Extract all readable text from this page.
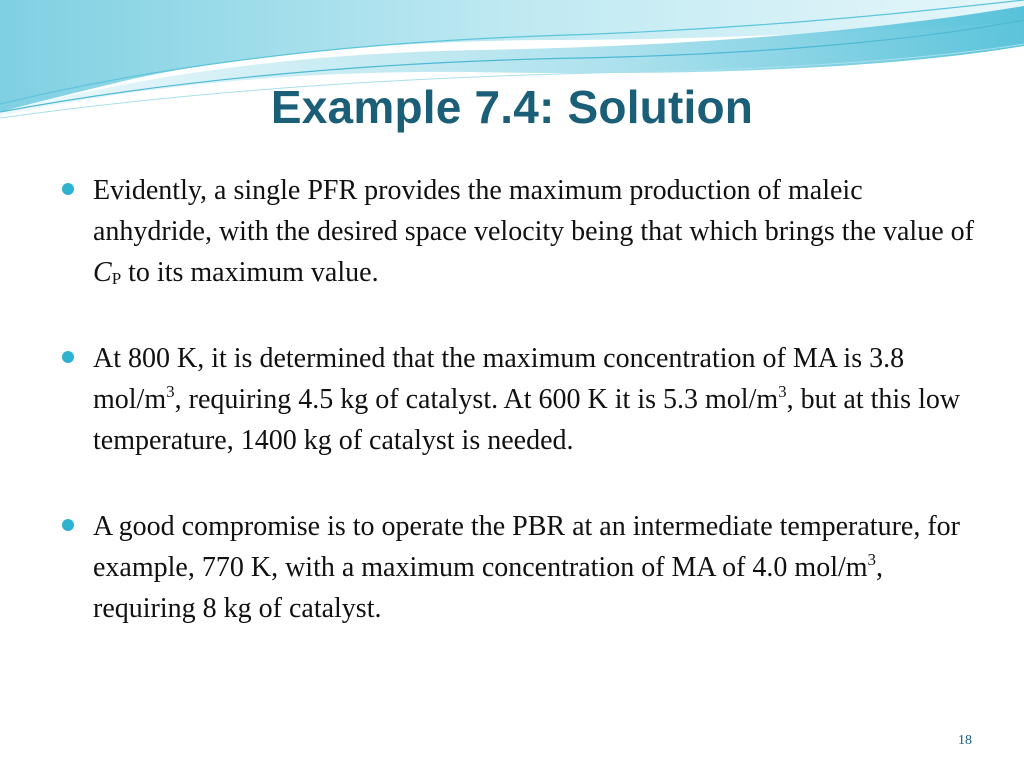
Example 7.4: Solution
Evidently, a single PFR provides the maximum production of maleic anhydride, with the desired space velocity being that which brings the value of $C_P$ to its maximum value.
At 800 K, it is determined that the maximum concentration of MA is 3.8 mol/$m^3$, requiring 4.5 kg of catalyst. At 600 K it is 5.3 mol/$m^3$, but at this low temperature, 1400 kg of catalyst is needed.
A good compromise is to operate the PBR at an intermediate temperature, for example, 770 K, with a maximum concentration of MA of 4.0 mol/$m^3$, requiring 8 kg of catalyst.
18
